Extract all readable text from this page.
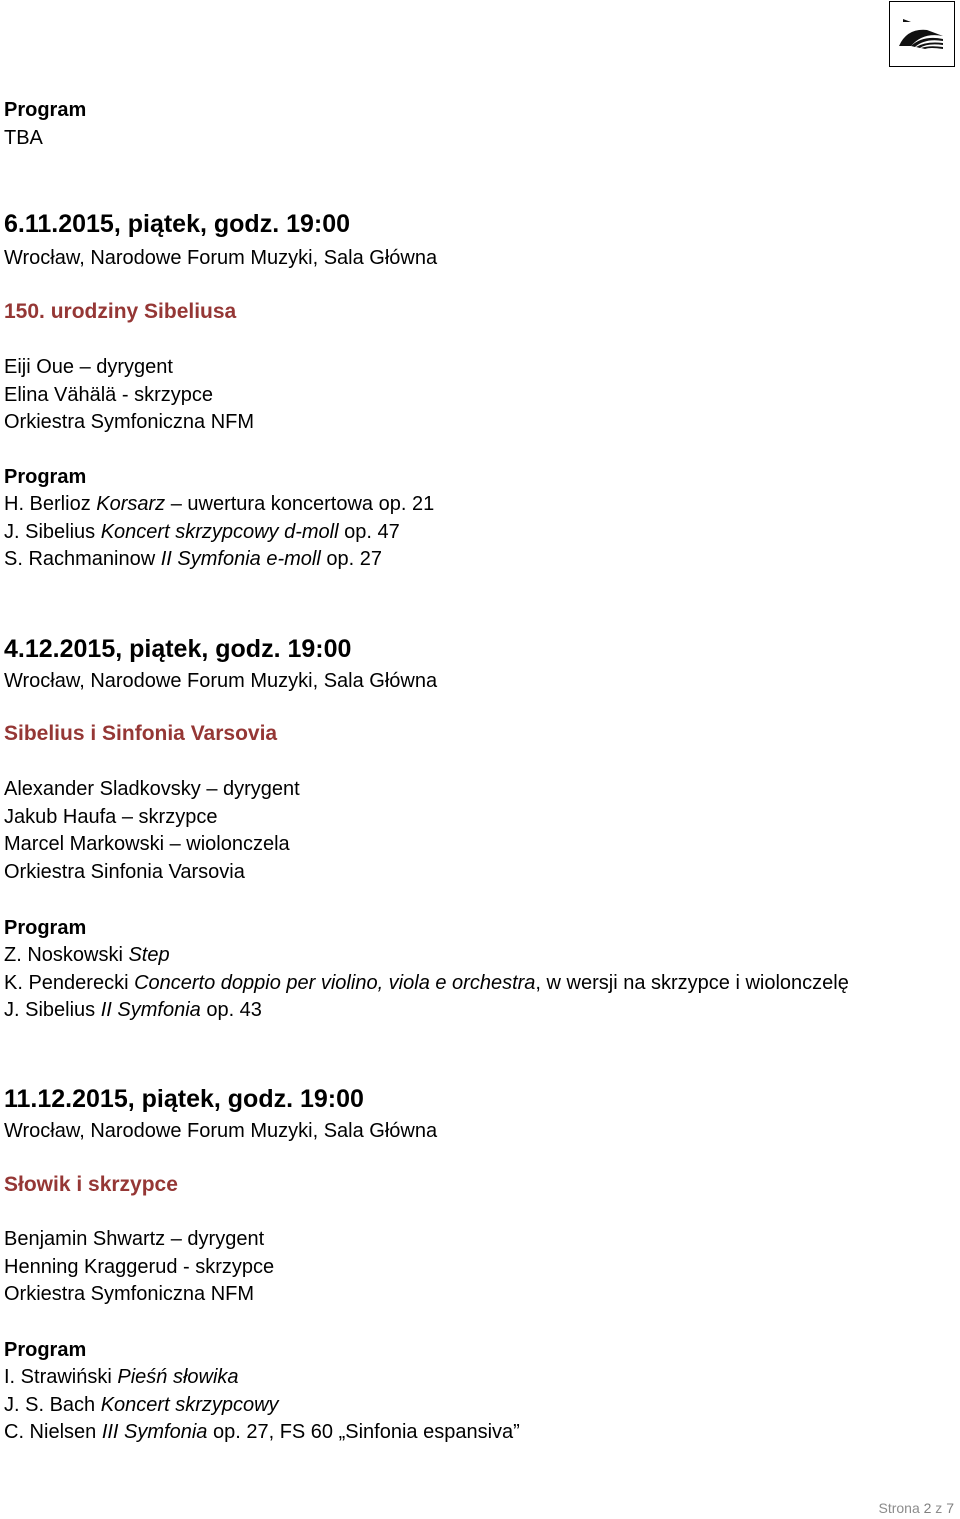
Program
TBA
6.11.2015, piątek, godz. 19:00
Wrocław, Narodowe Forum Muzyki, Sala Główna
150. urodziny Sibeliusa
Eiji Oue – dyrygent
Elina Vähälä - skrzypce
Orkiestra Symfoniczna NFM
Program
H. Berlioz Korsarz – uwertura koncertowa op. 21
J. Sibelius Koncert skrzypcowy d-moll op. 47
S. Rachmaninow II Symfonia e-moll op. 27
4.12.2015, piątek, godz. 19:00
Wrocław, Narodowe Forum Muzyki, Sala Główna
Sibelius i Sinfonia Varsovia
Alexander Sladkovsky – dyrygent
Jakub Haufa – skrzypce
Marcel Markowski – wiolonczela
Orkiestra Sinfonia Varsovia
Program
Z. Noskowski Step
K. Penderecki Concerto doppio per violino, viola e orchestra, w wersji na skrzypce i wiolonczelę
J. Sibelius II Symfonia op. 43
11.12.2015, piątek, godz. 19:00
Wrocław, Narodowe Forum Muzyki, Sala Główna
Słowik i skrzypce
Benjamin Shwartz – dyrygent
Henning Kraggerud - skrzypce
Orkiestra Symfoniczna NFM
Program
I. Strawiński Pieśń słowika
J. S. Bach Koncert skrzypcowy
C. Nielsen III Symfonia op. 27, FS 60 „Sinfonia espansiva”
Strona 2 z 7
